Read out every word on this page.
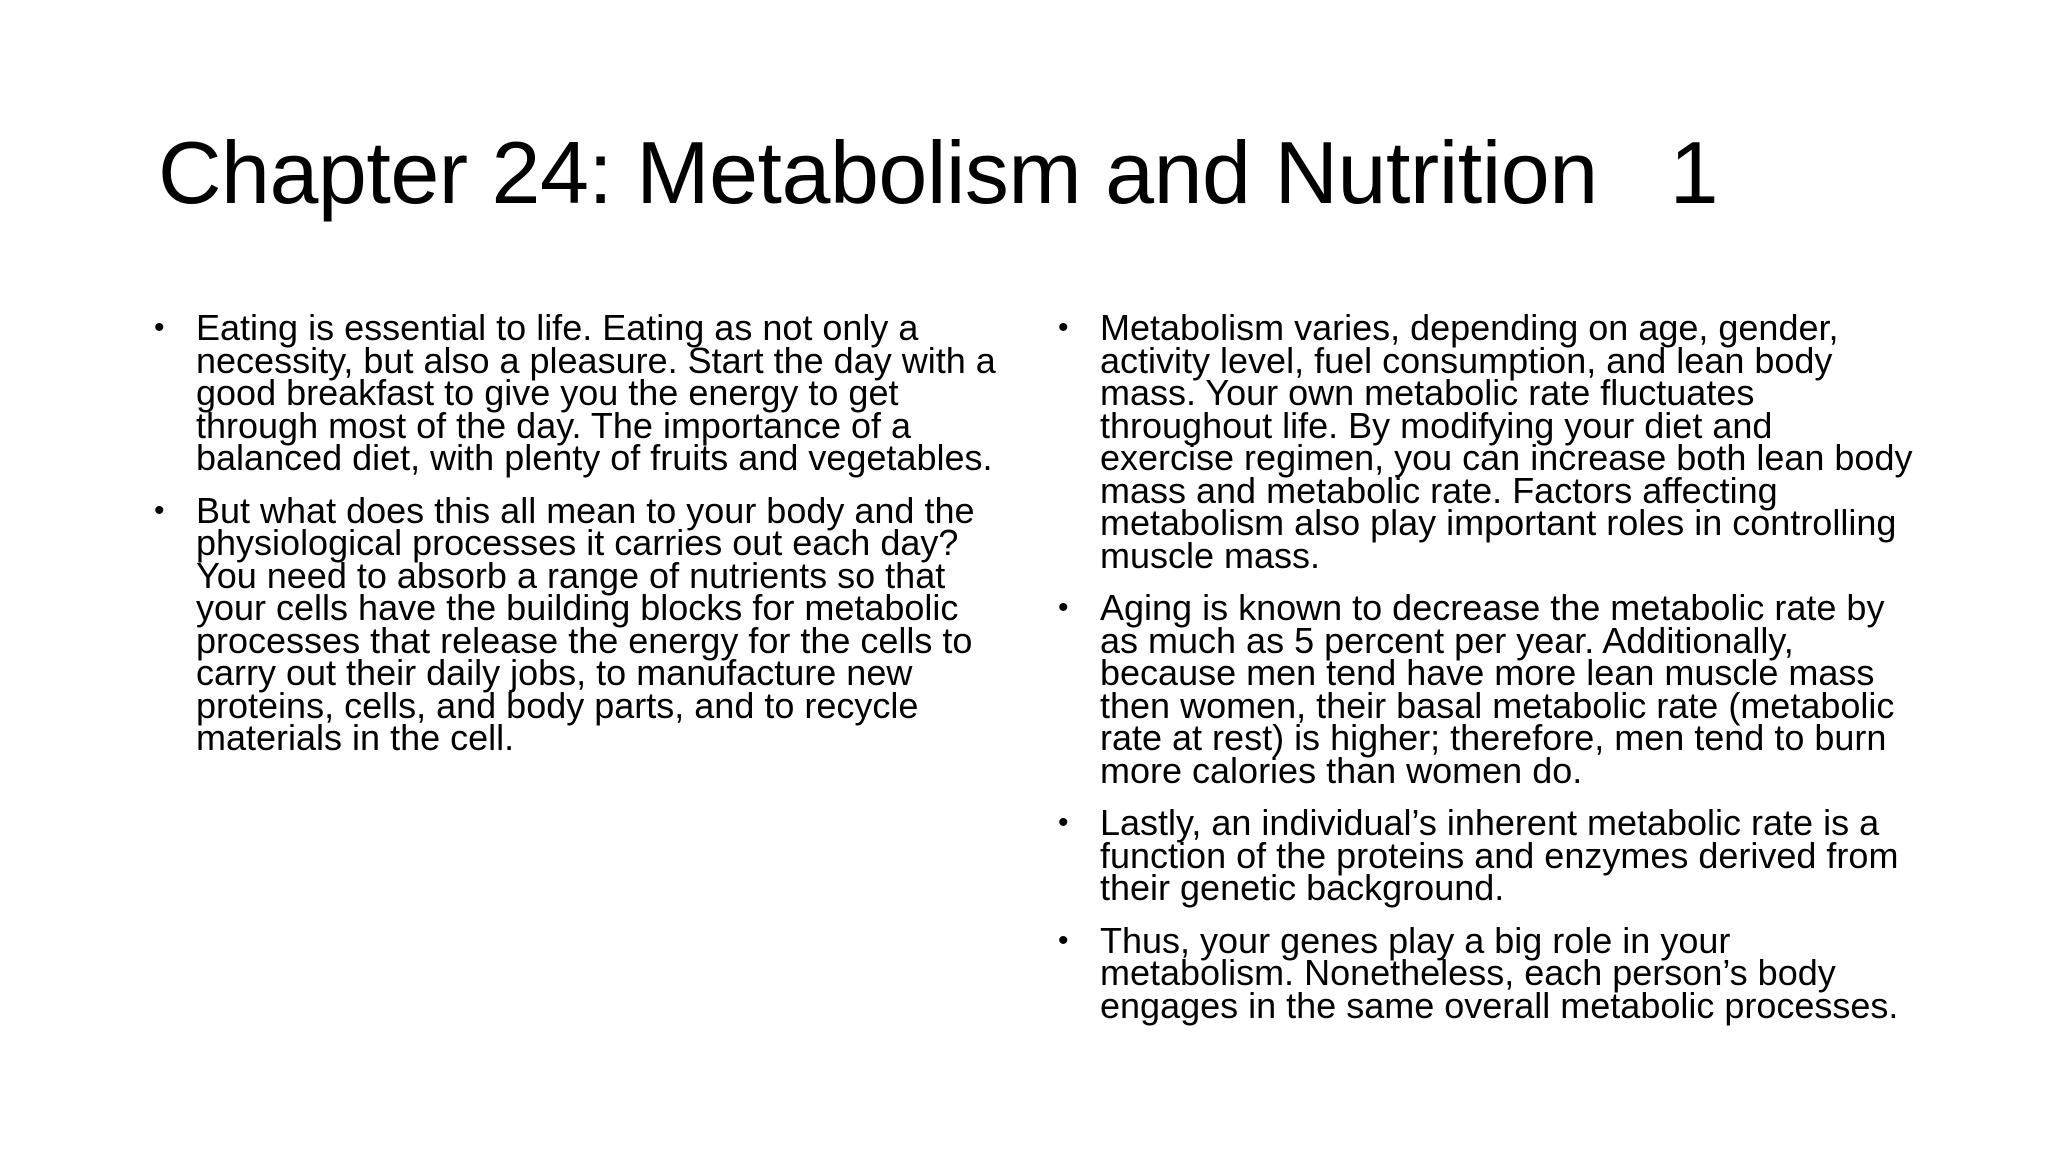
Chapter 24: Metabolism and Nutrition 1
• Eating is essential to life. Eating as not only a necessity, but also a pleasure. Start the day with a good breakfast to give you the energy to get through most of the day. The importance of a balanced diet, with plenty of fruits and vegetables.
• But what does this all mean to your body and the physiological processes it carries out each day? You need to absorb a range of nutrients so that your cells have the building blocks for metabolic processes that release the energy for the cells to carry out their daily jobs, to manufacture new proteins, cells, and body parts, and to recycle materials in the cell.
• Metabolism varies, depending on age, gender, activity level, fuel consumption, and lean body mass. Your own metabolic rate fluctuates throughout life. By modifying your diet and exercise regimen, you can increase both lean body mass and metabolic rate. Factors affecting metabolism also play important roles in controlling muscle mass.
• Aging is known to decrease the metabolic rate by as much as 5 percent per year. Additionally, because men tend have more lean muscle mass then women, their basal metabolic rate (metabolic rate at rest) is higher; therefore, men tend to burn more calories than women do.
• Lastly, an individual’s inherent metabolic rate is a function of the proteins and enzymes derived from their genetic background.
• Thus, your genes play a big role in your metabolism. Nonetheless, each person’s body engages in the same overall metabolic processes.
